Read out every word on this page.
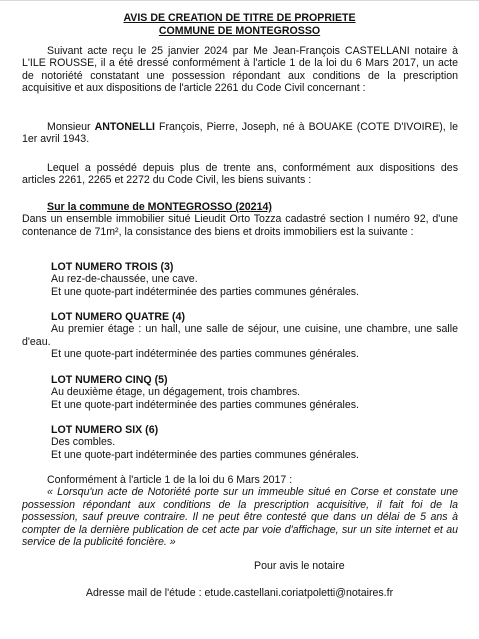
AVIS DE CREATION DE TITRE DE PROPRIETE

COMMUNE DE MONTEGROSSO

Suivant acte reçu le 25 janvier 2024 par Me Jean-François CASTELLANI notaire à L'ILE ROUSSE, il a été dressé conformément à l'article 1 de la loi du 6 Mars 2017, un acte de notoriété constatant une possession répondant aux conditions de la prescription acquisitive et aux dispositions de l'article 2261 du Code Civil concernant :

Monsieur ANTONELLI François, Pierre, Joseph, né à BOUAKE (COTE D'IVOIRE), le 1er avril 1943.

Lequel a possédé depuis plus de trente ans, conformément aux dispositions des articles 2261, 2265 et 2272 du Code Civil, les biens suivants :

Sur la commune de MONTEGROSSO (20214)
Dans un ensemble immobilier situé Lieudit Orto Tozza cadastré section I numéro 92, d'une contenance de 71m², la consistance des biens et droits immobiliers est la suivante :

LOT NUMERO TROIS (3)
Au rez-de-chaussée, une cave.
Et une quote-part indéterminée des parties communes générales.

LOT NUMERO QUATRE (4)
Au premier étage : un hall, une salle de séjour, une cuisine, une chambre, une salle d'eau.
Et une quote-part indéterminée des parties communes générales.

LOT NUMERO CINQ (5)
Au deuxième étage, un dégagement, trois chambres.
Et une quote-part indéterminée des parties communes générales.

LOT NUMERO SIX (6)
Des combles.
Et une quote-part indéterminée des parties communes générales.

Conformément à l'article 1 de la loi du 6 Mars 2017 :
« Lorsqu'un acte de Notoriété porte sur un immeuble situé en Corse et constate une possession répondant aux conditions de la prescription acquisitive, il fait foi de la possession, sauf preuve contraire. Il ne peut être contesté que dans un délai de 5 ans à compter de la dernière publication de cet acte par voie d'affichage, sur un site internet et au service de la publicité foncière. »

Pour avis le notaire

Adresse mail de l'étude : etude.castellani.coriatpoletti@notaires.fr
